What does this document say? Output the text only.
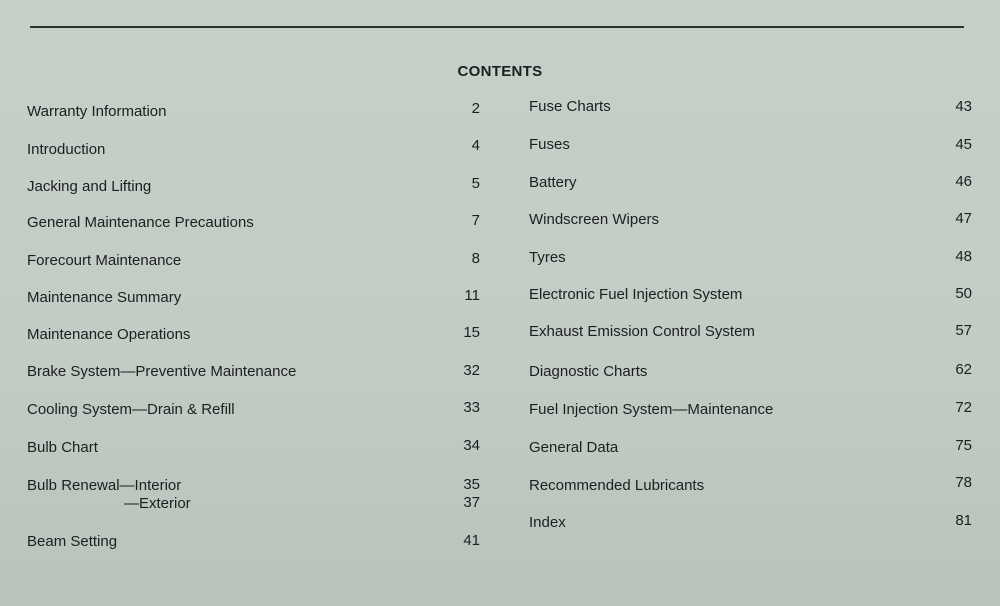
CONTENTS
Warranty Information	2
Introduction	4
Jacking and Lifting	5
General Maintenance Precautions	7
Forecourt Maintenance	8
Maintenance Summary	11
Maintenance Operations	15
Brake System—Preventive Maintenance	32
Cooling System—Drain & Refill	33
Bulb Chart	34
Bulb Renewal—Interior	35
—Exterior	37
Beam Setting	41
Fuse Charts	43
Fuses	45
Battery	46
Windscreen Wipers	47
Tyres	48
Electronic Fuel Injection System	50
Exhaust Emission Control System	57
Diagnostic Charts	62
Fuel Injection System—Maintenance	72
General Data	75
Recommended Lubricants	78
Index	81
